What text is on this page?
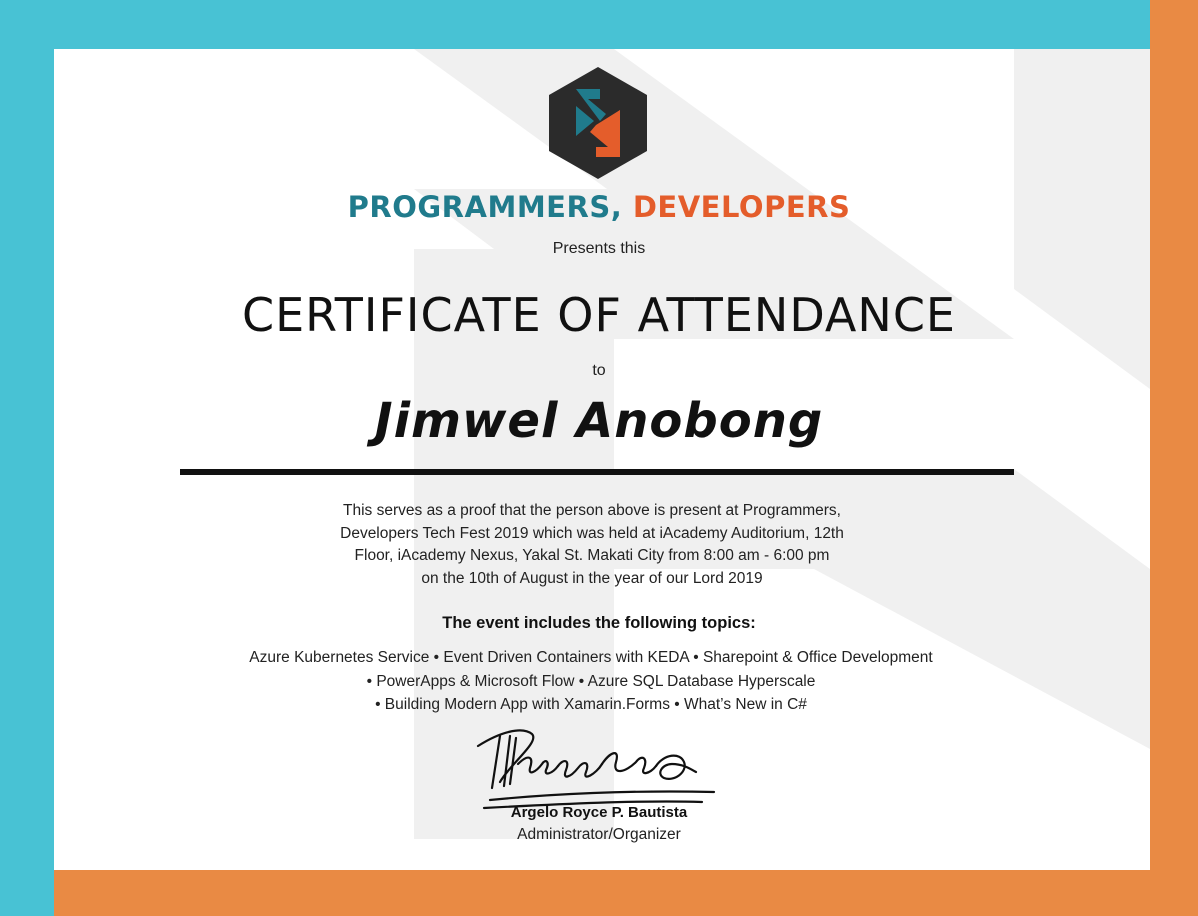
PROGRAMMERS, DEVELOPERS
Presents this
CERTIFICATE OF ATTENDANCE
to
Jimwel Anobong
This serves as a proof that the person above is present at Programmers,
Developers Tech Fest 2019 which was held at iAcademy Auditorium, 12th
Floor, iAcademy Nexus, Yakal St. Makati City from 8:00 am - 6:00 pm
on the 10th of August in the year of our Lord 2019
The event includes the following topics:
Azure Kubernetes Service • Event Driven Containers with KEDA • Sharepoint & Office Development
• PowerApps & Microsoft Flow • Azure SQL Database Hyperscale
• Building Modern App with Xamarin.Forms • What’s New in C#
Argelo Royce P. Bautista
Administrator/Organizer
